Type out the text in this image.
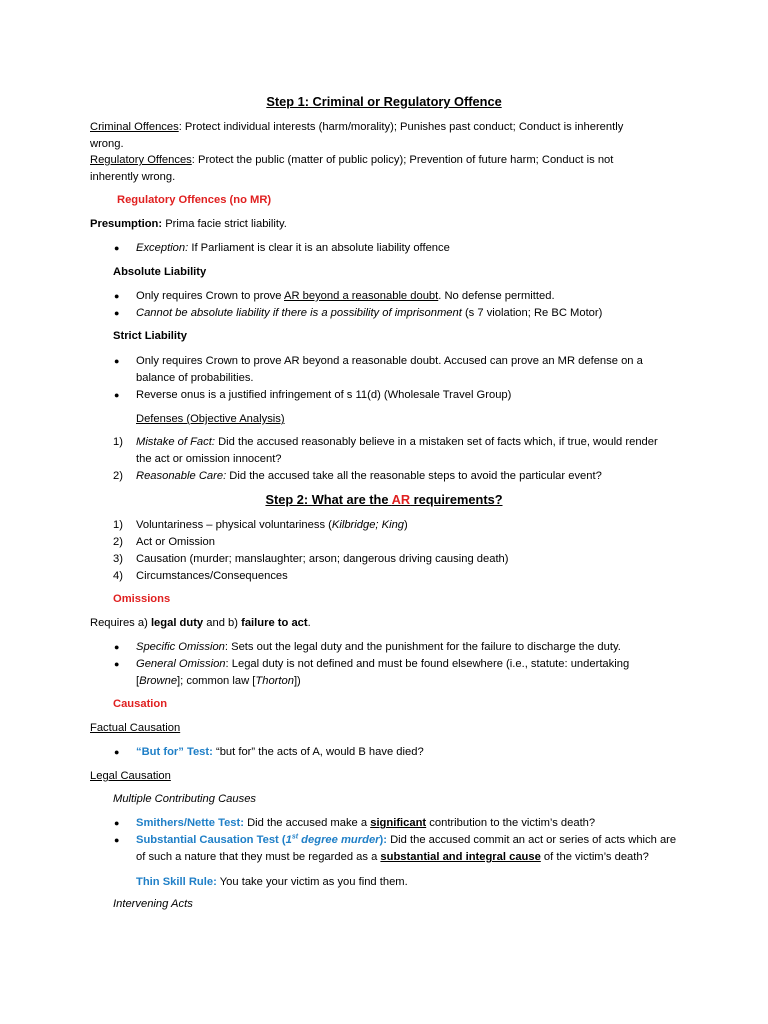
Step 1: Criminal or Regulatory Offence
Criminal Offences: Protect individual interests (harm/morality); Punishes past conduct; Conduct is inherently
wrong.
Regulatory Offences: Protect the public (matter of public policy); Prevention of future harm; Conduct is not
inherently wrong.
Regulatory Offences (no MR)
Presumption: Prima facie strict liability.
● Exception: If Parliament is clear it is an absolute liability offence
Absolute Liability
● Only requires Crown to prove AR beyond a reasonable doubt. No defense permitted.
● Cannot be absolute liability if there is a possibility of imprisonment (s 7 violation; Re BC Motor)
Strict Liability
● Only requires Crown to prove AR beyond a reasonable doubt. Accused can prove an MR defense on a
balance of probabilities.
● Reverse onus is a justified infringement of s 11(d) (Wholesale Travel Group)
Defenses (Objective Analysis)
1) Mistake of Fact: Did the accused reasonably believe in a mistaken set of facts which, if true, would render
the act or omission innocent?
2) Reasonable Care: Did the accused take all the reasonable steps to avoid the particular event?
Step 2: What are the AR requirements?
1) Voluntariness – physical voluntariness (Kilbridge; King)
2) Act or Omission
3) Causation (murder; manslaughter; arson; dangerous driving causing death)
4) Circumstances/Consequences
Omissions
Requires a) legal duty and b) failure to act.
● Specific Omission: Sets out the legal duty and the punishment for the failure to discharge the duty.
● General Omission: Legal duty is not defined and must be found elsewhere (i.e., statute: undertaking
[Browne]; common law [Thorton])
Causation
Factual Causation
● “But for” Test: “but for” the acts of A, would B have died?
Legal Causation
Multiple Contributing Causes
● Smithers/Nette Test: Did the accused make a significant contribution to the victim’s death?
● Substantial Causation Test (1st degree murder): Did the accused commit an act or series of acts which are
of such a nature that they must be regarded as a substantial and integral cause of the victim’s death?
Thin Skill Rule: You take your victim as you find them.
Intervening Acts
